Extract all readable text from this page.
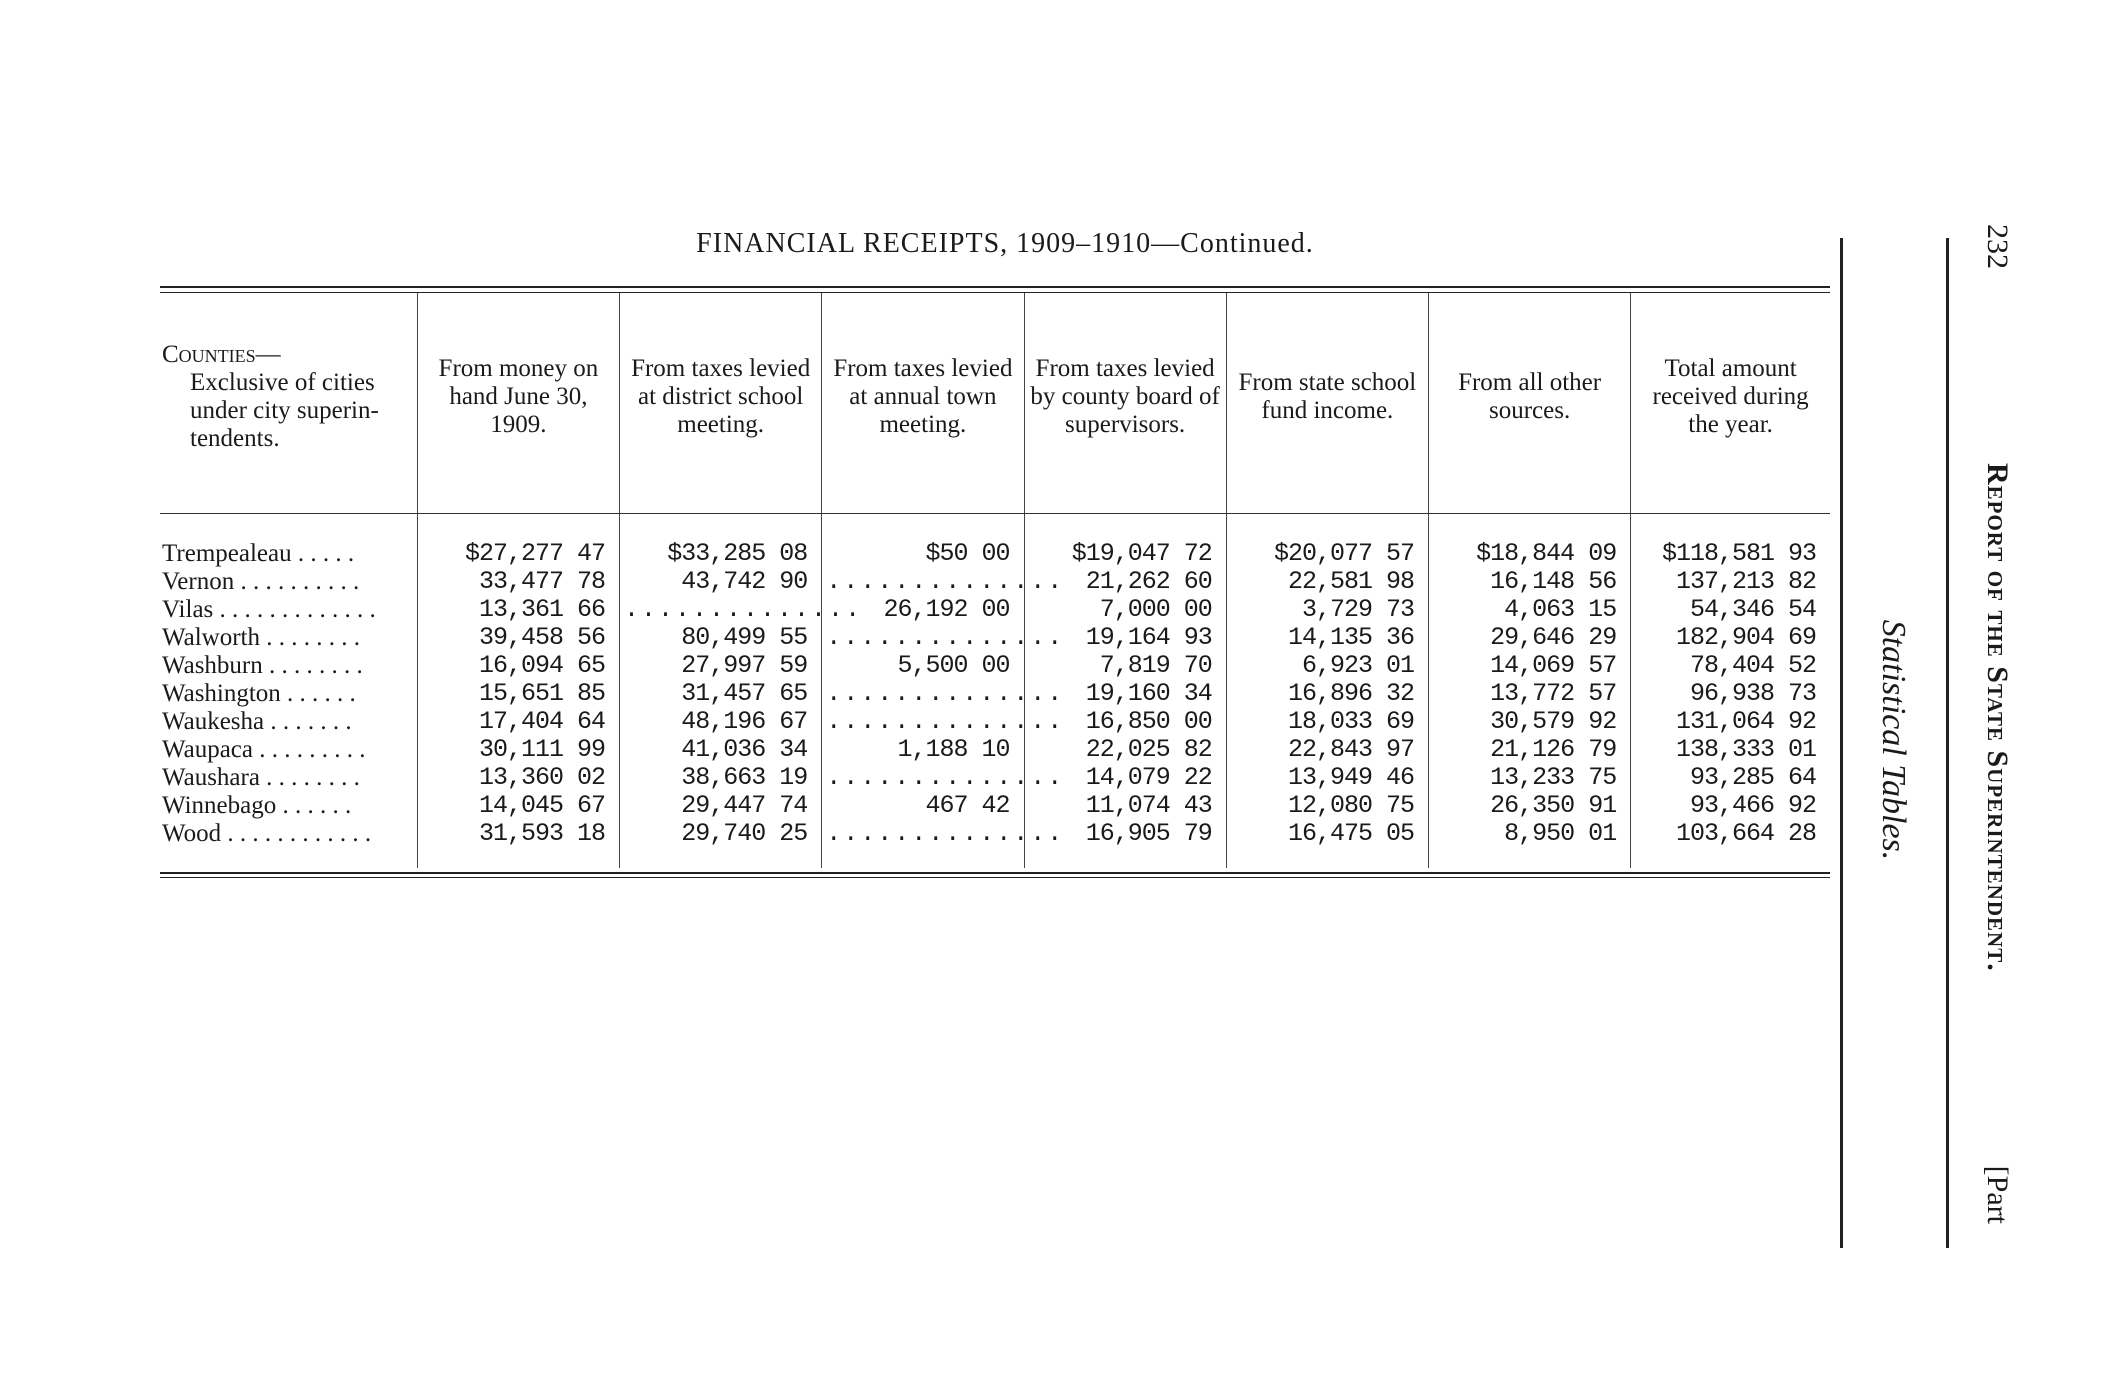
FINANCIAL RECEIPTS, 1909–1910—Continued.
Counties—
Exclusive of cities under city superin- tendents.	From money on hand June 30, 1909.	From taxes levied at district school meeting.	From taxes levied at annual town meeting.	From taxes levied by county board of supervisors.	From state school fund income.	From all other sources.	Total amount received during the year.

Trempealeau . . . . .	$27,277 47	$33,285 08	$50 00	$19,047 72	$20,077 57	$18,844 09	$118,581 93
Vernon . . . . . . . . . .	33,477 78	43,742 90	..............	21,262 60	22,581 98	16,148 56	137,213 82
Vilas . . . . . . . . . . . . .	13,361 66	..............	26,192 00	7,000 00	3,729 73	4,063 15	54,346 54
Walworth . . . . . . . .	39,458 56	80,499 55	..............	19,164 93	14,135 36	29,646 29	182,904 69
Washburn . . . . . . . .	16,094 65	27,997 59	5,500 00	7,819 70	6,923 01	14,069 57	78,404 52
Washington . . . . . .	15,651 85	31,457 65	..............	19,160 34	16,896 32	13,772 57	96,938 73
Waukesha . . . . . . .	17,404 64	48,196 67	..............	16,850 00	18,033 69	30,579 92	131,064 92
Waupaca . . . . . . . . .	30,111 99	41,036 34	1,188 10	22,025 82	22,843 97	21,126 79	138,333 01
Waushara . . . . . . . .	13,360 02	38,663 19	..............	14,079 22	13,949 46	13,233 75	93,285 64
Winnebago . . . . . .	14,045 67	29,447 74	467 42	11,074 43	12,080 75	26,350 91	93,466 92
Wood . . . . . . . . . . . .	31,593 18	29,740 25	..............	16,905 79	16,475 05	8,950 01	103,664 28
							Statistical Tables.
232
Report of the State Superintendent.
[Part
